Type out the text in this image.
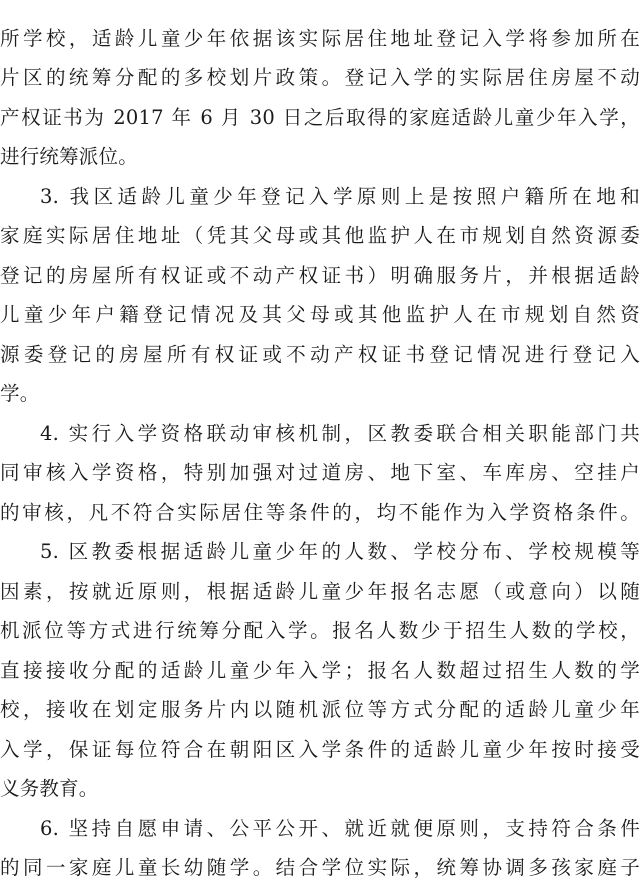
所学校，适龄儿童少年依据该实际居住地址登记入学将参加所在
片区的统筹分配的多校划片政策。登记入学的实际居住房屋不动
产权证书为 2017 年 6 月 30 日之后取得的家庭适龄儿童少年入学，
进行统筹派位。
3. 我区适龄儿童少年登记入学原则上是按照户籍所在地和
家庭实际居住地址（凭其父母或其他监护人在市规划自然资源委
登记的房屋所有权证或不动产权证书）明确服务片，并根据适龄
儿童少年户籍登记情况及其父母或其他监护人在市规划自然资
源委登记的房屋所有权证或不动产权证书登记情况进行登记入
学。
4. 实行入学资格联动审核机制，区教委联合相关职能部门共
同审核入学资格，特别加强对过道房、地下室、车库房、空挂户
的审核，凡不符合实际居住等条件的，均不能作为入学资格条件。
5. 区教委根据适龄儿童少年的人数、学校分布、学校规模等
因素，按就近原则，根据适龄儿童少年报名志愿（或意向）以随
机派位等方式进行统筹分配入学。报名人数少于招生人数的学校，
直接接收分配的适龄儿童少年入学；报名人数超过招生人数的学
校，接收在划定服务片内以随机派位等方式分配的适龄儿童少年
入学，保证每位符合在朝阳区入学条件的适龄儿童少年按时接受
义务教育。
6. 坚持自愿申请、公平公开、就近就便原则，支持符合条件
的同一家庭儿童长幼随学。结合学位实际，统筹协调多孩家庭子
